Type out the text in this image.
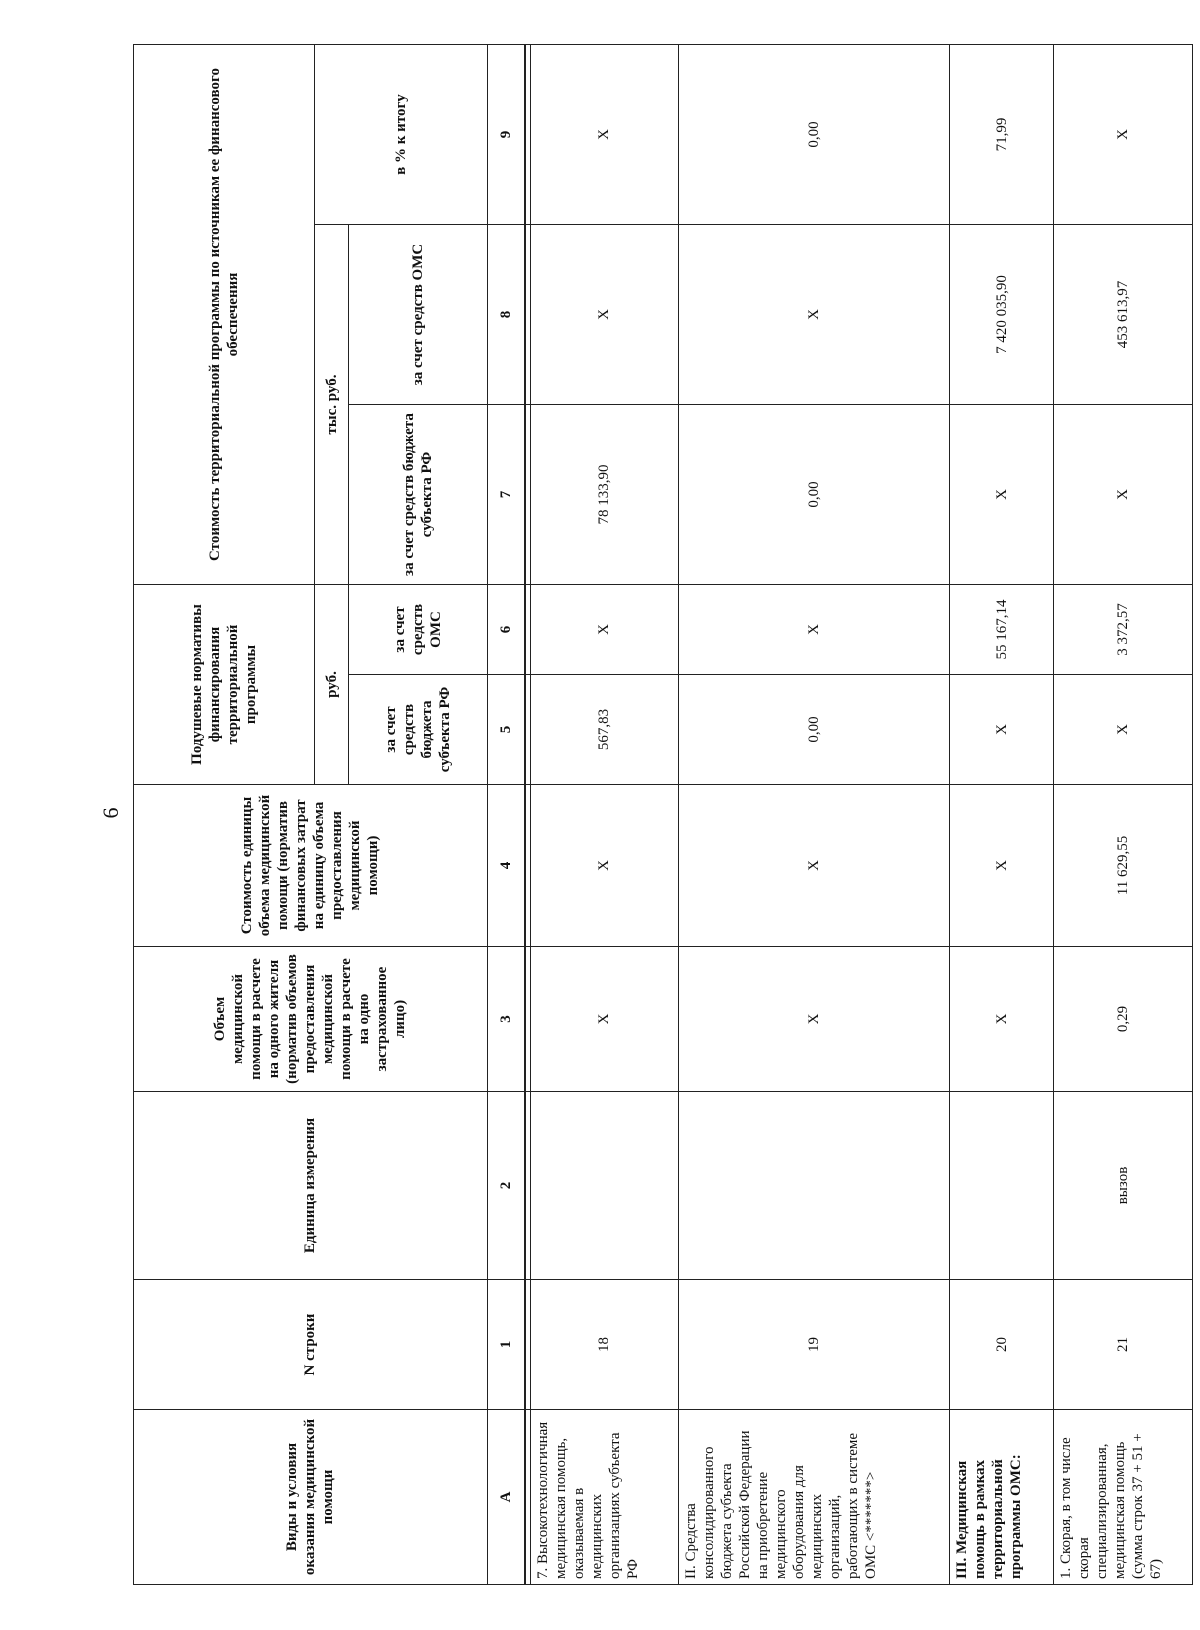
6
Виды и условия оказания медицинской помощи	N строки	Единица измерения	Объем медицинской помощи в расчете на одного жителя (норматив объемов предоставления медицинской помощи в расчете на одно застрахованное лицо)	Стоимость единицы объема медицинской помощи (норматив финансовых затрат на единицу объема предоставления медицинской помощи)	Подушевые нормативы финансирования территориальной программы		Стоимость территориальной программы по источникам ее финансового обеспечения		
					руб.		тыс. руб.		в % к итогу
					за счет средств бюджета субъекта РФ	за счет средств ОМС	за счет средств бюджета субъекта РФ	за счет средств ОМС	
А	1	2	3	4	5	6	7	8	9

7. Высокотехнологичная медицинская помощь, оказываемая в медицинских организациях субъекта РФ	18		X	X	567,83	X	78 133,90	X	X
II. Средства консолидированного бюджета субъекта Российской Федерации на приобретение медицинского оборудования для медицинских организаций, работающих в системе ОМС <*******>	19		X	X	0,00	X	0,00	X	0,00
III. Медицинская помощь в рамках территориальной программы ОМС:	20		X	X	X	55 167,14	X	7 420 035,90	71,99
1. Скорая, в том числе скорая специализированная, медицинская помощь (сумма строк 37 + 51 + 67)	21	вызов	0,29	11 629,55	X	3 372,57	X	453 613,97	X
